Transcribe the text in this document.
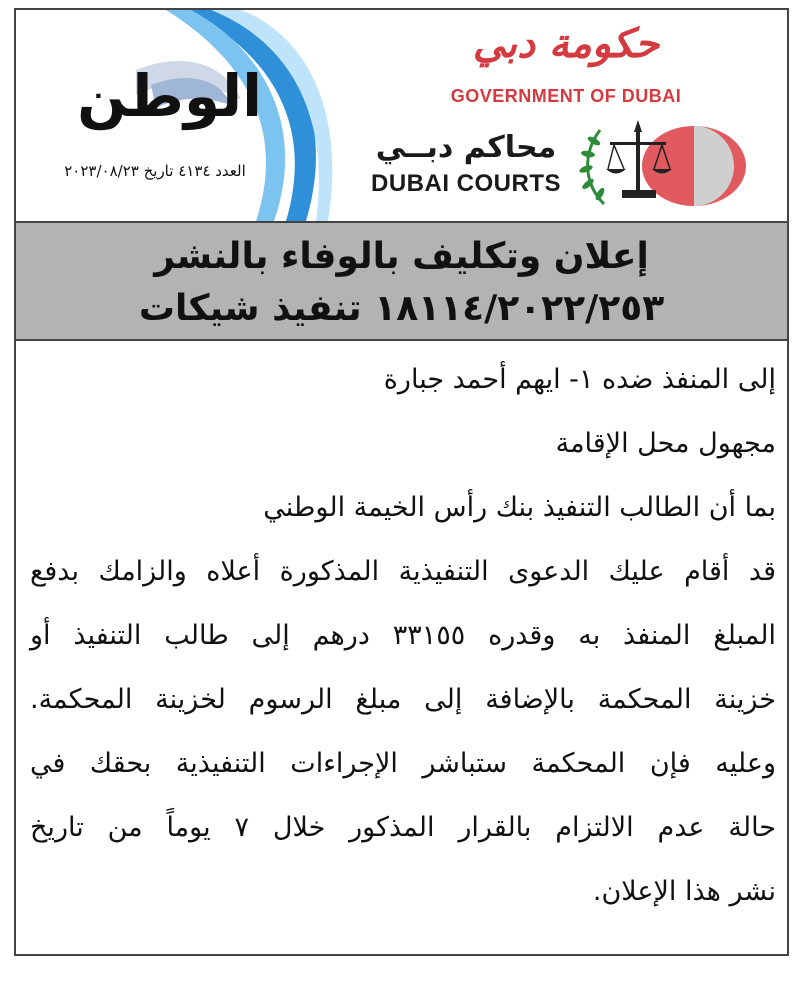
الوطن
العدد ٤١٣٤ تاريخ ٢٠٢٣/٠٨/٢٣
حكومة دبي
GOVERNMENT OF DUBAI
محاكم دبــي
DUBAI COURTS
إعلان وتكليف بالوفاء بالنشر
١٨١١٤/٢٠٢٢/٢٥٣ تنفيذ شيكات
إلى المنفذ ضده ١- ايهم أحمد جبارة
مجهول محل الإقامة
بما أن الطالب التنفيذ بنك رأس الخيمة الوطني
قد أقام عليك الدعوى التنفيذية المذكورة أعلاه والزامك بدفع
المبلغ المنفذ به وقدره ٣٣١٥٥ درهم إلى طالب التنفيذ أو
خزينة المحكمة بالإضافة إلى مبلغ الرسوم لخزينة المحكمة.
وعليه فإن المحكمة ستباشر الإجراءات التنفيذية بحقك في
حالة عدم الالتزام بالقرار المذكور خلال ٧ يوماً من تاريخ
نشر هذا الإعلان.
